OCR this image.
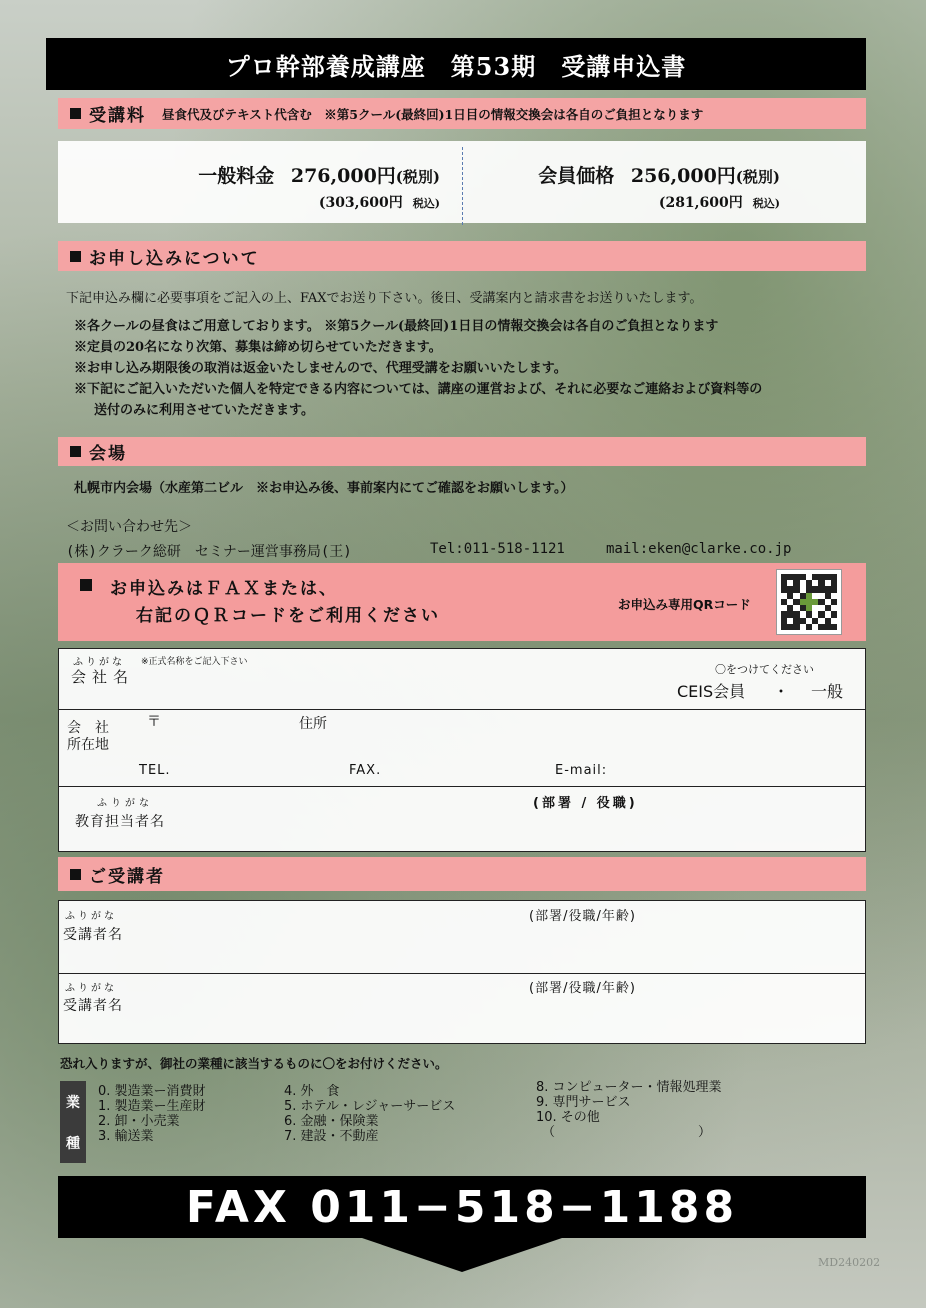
プロ幹部養成講座　第53期　受講申込書
受講料 昼食代及びテキスト代含む　※第5クール(最終回)1日目の情報交換会は各自のご負担となります
一般料金 276,000円(税別)
(303,600円 税込)
会員価格 256,000円(税別)
(281,600円 税込)
お申し込みについて
下記申込み欄に必要事項をご記入の上、FAXでお送り下さい。後日、受講案内と請求書をお送りいたします。
※各クールの昼食はご用意しております。 ※第5クール(最終回)1日目の情報交換会は各自のご負担となります
※定員の20名になり次第、募集は締め切らせていただきます。
※お申し込み期限後の取消は返金いたしませんので、代理受講をお願いいたします。
※下記にご記入いただいた個人を特定できる内容については、講座の運営および、それに必要なご連絡および資料等の
送付のみに利用させていただきます。
会場
札幌市内会場（水産第二ビル　※お申込み後、事前案内にてご確認をお願いします。）
＜お問い合わせ先＞
(株)クラーク総研　セミナー運営事務局(王)	Tel:011-518-1121	mail:eken@clarke.co.jp
お申込みはＦＡＸまたは、
右記のＱＲコードをご利用ください
お申込み専用QRコード
ふりがな ※正式名称をご記入下さい
会社名	〇をつけてください
CEIS会員 ・ 一般
会　社
所在地
〒	住所
TEL.	FAX.	E-mail:
ふりがな
教育担当者名
(部署 / 役職)
ご受講者
ふりがな
受講者名
(部署/役職/年齢)
ふりがな
受講者名
(部署/役職/年齢)
恐れ入りますが、御社の業種に該当するものに〇をお付けください。
業
種
0. 製造業ー消費財
1. 製造業ー生産財
2. 卸・小売業
3. 輸送業
4. 外　食
5. ホテル・レジャーサービス
6. 金融・保険業
7. 建設・不動産
8. コンピューター・情報処理業
9. 専門サービス
10. その他
（　　　　　　　　　　　）
FAX 011−518−1188
MD240202
